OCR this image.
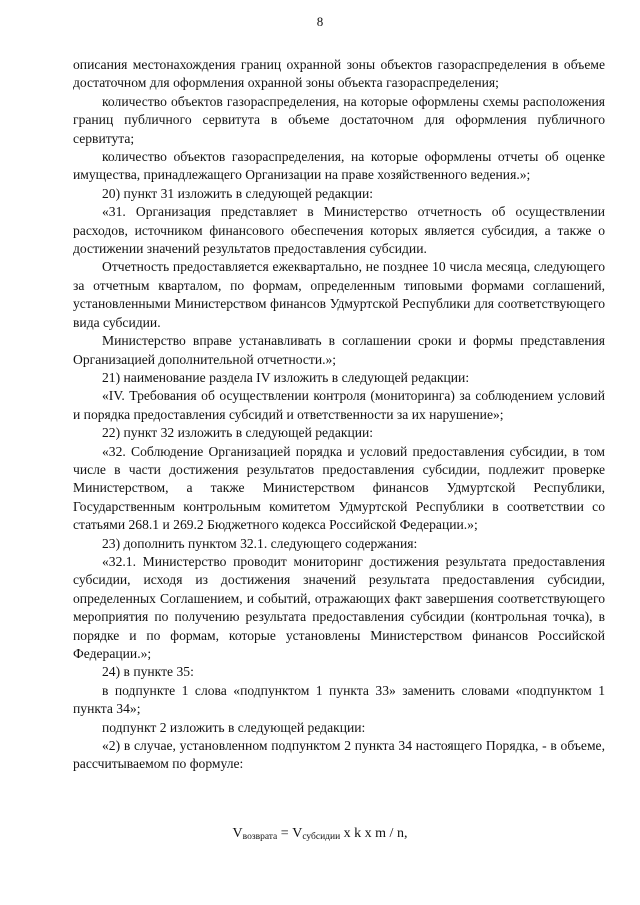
8

описания местонахождения границ охранной зоны объектов газораспределения в объеме достаточном для оформления охранной зоны объекта газораспределения;

количество объектов газораспределения, на которые оформлены схемы расположения границ публичного сервитута в объеме достаточном для оформления публичного сервитута;

количество объектов газораспределения, на которые оформлены отчеты об оценке имущества, принадлежащего Организации на праве хозяйственного ведения.»;

20) пункт 31 изложить в следующей редакции:

«31. Организация представляет в Министерство отчетность об осуществлении расходов, источником финансового обеспечения которых является субсидия, а также о достижении значений результатов предоставления субсидии.

Отчетность предоставляется ежеквартально, не позднее 10 числа месяца, следующего за отчетным кварталом, по формам, определенным типовыми формами соглашений, установленными Министерством финансов Удмуртской Республики для соответствующего вида субсидии.

Министерство вправе устанавливать в соглашении сроки и формы представления Организацией дополнительной отчетности.»;

21) наименование раздела IV изложить в следующей редакции:

«IV. Требования об осуществлении контроля (мониторинга) за соблюдением условий и порядка предоставления субсидий и ответственности за их нарушение»;

22) пункт 32 изложить в следующей редакции:

«32. Соблюдение Организацией порядка и условий предоставления субсидии, в том числе в части достижения результатов предоставления субсидии, подлежит проверке Министерством, а также Министерством финансов Удмуртской Республики, Государственным контрольным комитетом Удмуртской Республики в соответствии со статьями 268.1 и 269.2 Бюджетного кодекса Российской Федерации.»;

23) дополнить пунктом 32.1. следующего содержания:

«32.1. Министерство проводит мониторинг достижения результата предоставления субсидии, исходя из достижения значений результата предоставления субсидии, определенных Соглашением, и событий, отражающих факт завершения соответствующего мероприятия по получению результата предоставления субсидии (контрольная точка), в порядке и по формам, которые установлены Министерством финансов Российской Федерации.»;

24) в пункте 35:

в подпункте 1 слова «подпунктом 1 пункта 33» заменить словами «подпунктом 1 пункта 34»;

подпункт 2 изложить в следующей редакции:

«2) в случае, установленном подпунктом 2 пункта 34 настоящего Порядка, - в объеме, рассчитываемом по формуле:

$V_{возврата} = V_{субсидии}$ x k x m / n,
